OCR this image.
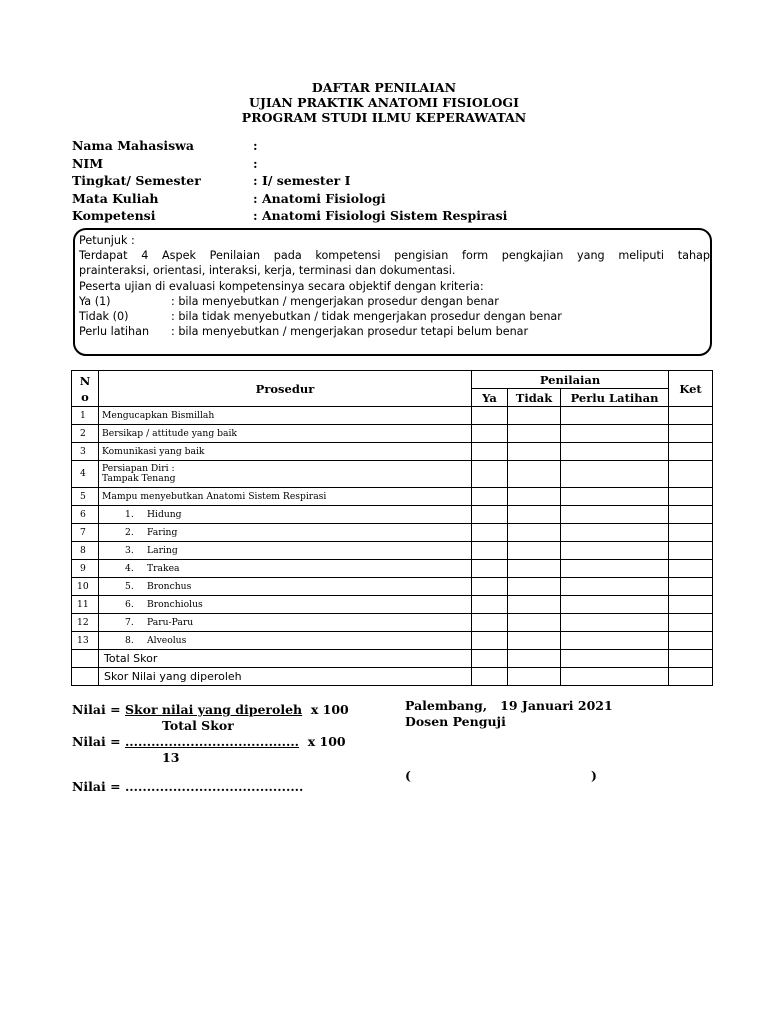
DAFTAR PENILAIAN
UJIAN PRAKTIK ANATOMI FISIOLOGI
PROGRAM STUDI ILMU KEPERAWATAN
Nama Mahasiswa	:
NIM	:
Tingkat/ Semester	: I/ semester I
Mata Kuliah	: Anatomi Fisiologi
Kompetensi	: Anatomi Fisiologi Sistem Respirasi
Petunjuk :
Terdapat 4 Aspek Penilaian pada kompetensi pengisian form pengkajian yang meliputi tahap
prainteraksi, orientasi, interaksi, kerja, terminasi dan dokumentasi.
Peserta ujian di evaluasi kompetensinya secara objektif dengan kriteria:
Ya (1)	: bila menyebutkan / mengerjakan prosedur dengan benar
Tidak (0)	: bila tidak menyebutkan / tidak mengerjakan prosedur dengan benar
Perlu latihan	: bila menyebutkan / mengerjakan prosedur tetapi belum benar
N
o	Prosedur	Penilaian			Ket
		Ya	Tidak	Perlu Latihan	
1	Mengucapkan Bismillah				
2	Bersikap / attitude yang baik				
3	Komunikasi yang baik				
4	Persiapan Diri :
Tampak Tenang				

5	Mampu menyebutkan Anatomi Sistem Respirasi				
6	1. Hidung				
7	2. Faring				
8	3. Laring				
9	4. Trakea				
10	5. Bronchus				
11	6. Bronchiolus				
12	7. Paru-Paru				
13	8. Alveolus				
	Total Skor				
	Skor Nilai yang diperoleh				
Nilai = Skor nilai yang diperoleh  x 100
Total Skor
Nilai = ........................................  x 100
13
Nilai = .........................................
Palembang,   19 Januari 2021
Dosen Penguji
(	)
